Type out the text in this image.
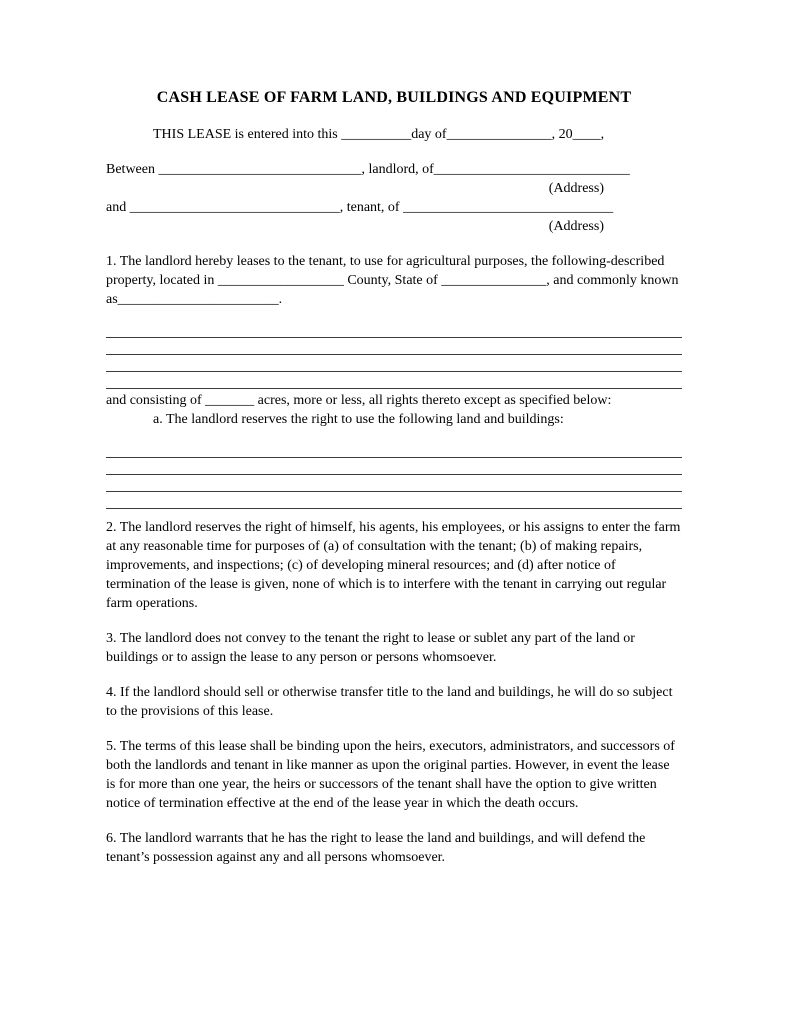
CASH LEASE OF FARM LAND, BUILDINGS AND EQUIPMENT

THIS LEASE is entered into this __________day of_______________, 20____,

Between _____________________________, landlord, of____________________________

(Address)

and ______________________________, tenant, of ______________________________

(Address)

1. The landlord hereby leases to the tenant, to use for agricultural purposes, the following-described property, located in __________________ County, State of _______________, and commonly known as_______________________.

and consisting of _______ acres, more or less, all rights thereto except as specified below:

a. The landlord reserves the right to use the following land and buildings:

2. The landlord reserves the right of himself, his agents, his employees, or his assigns to enter the farm at any reasonable time for purposes of (a) of consultation with the tenant; (b) of making repairs, improvements, and inspections; (c) of developing mineral resources; and (d) after notice of termination of the lease is given, none of which is to interfere with the tenant in carrying out regular farm operations.

3. The landlord does not convey to the tenant the right to lease or sublet any part of the land or buildings or to assign the lease to any person or persons whomsoever.

4. If the landlord should sell or otherwise transfer title to the land and buildings, he will do so subject to the provisions of this lease.

5. The terms of this lease shall be binding upon the heirs, executors, administrators, and successors of both the landlords and tenant in like manner as upon the original parties. However, in event the lease is for more than one year, the heirs or successors of the tenant shall have the option to give written notice of termination effective at the end of the lease year in which the death occurs.

6. The landlord warrants that he has the right to lease the land and buildings, and will defend the tenant’s possession against any and all persons whomsoever.
